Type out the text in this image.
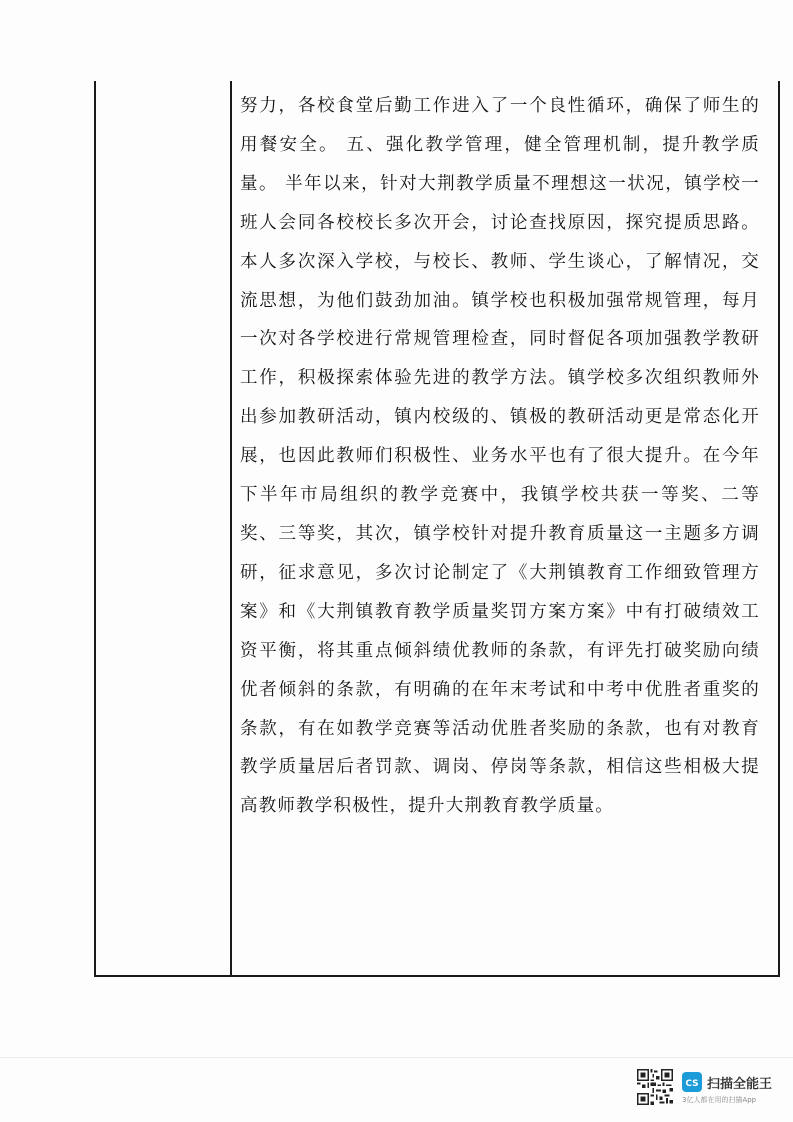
努力，各校食堂后勤工作进入了一个良性循环，确保了师生的用餐安全。 五、强化教学管理，健全管理机制，提升教学质量。 半年以来，针对大荆教学质量不理想这一状况，镇学校一班人会同各校校长多次开会，讨论查找原因，探究提质思路。本人多次深入学校，与校长、教师、学生谈心，了解情况，交流思想，为他们鼓劲加油。镇学校也积极加强常规管理，每月一次对各学校进行常规管理检查，同时督促各项加强教学教研工作，积极探索体验先进的教学方法。镇学校多次组织教师外出参加教研活动，镇内校级的、镇极的教研活动更是常态化开展，也因此教师们积极性、业务水平也有了很大提升。在今年下半年市局组织的教学竞赛中，我镇学校共获一等奖、二等奖、三等奖，其次，镇学校针对提升教育质量这一主题多方调研，征求意见，多次讨论制定了《大荆镇教育工作细致管理方案》和《大荆镇教育教学质量奖罚方案方案》中有打破绩效工资平衡，将其重点倾斜绩优教师的条款，有评先打破奖励向绩优者倾斜的条款，有明确的在年末考试和中考中优胜者重奖的条款，有在如教学竞赛等活动优胜者奖励的条款，也有对教育教学质量居后者罚款、调岗、停岗等条款，相信这些相极大提高教师教学积极性，提升大荆教育教学质量。

CS 扫描全能王
3亿人都在用的扫描App
